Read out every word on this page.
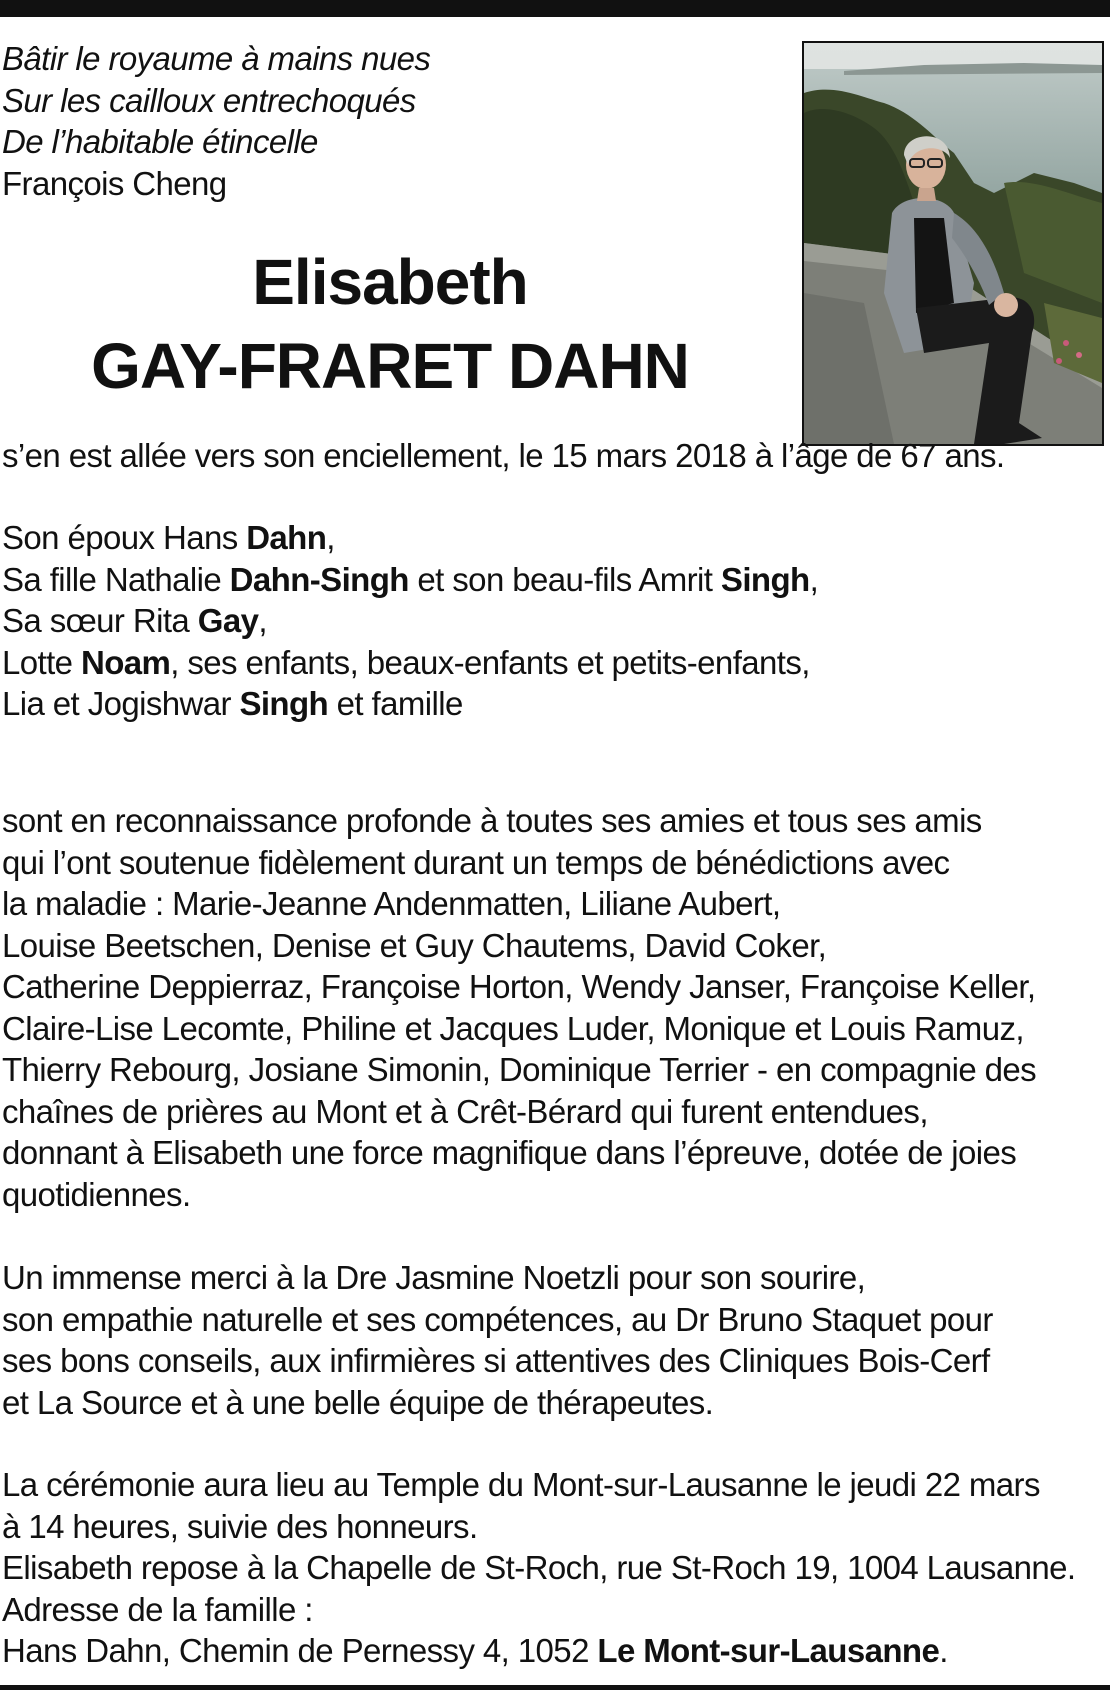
Bâtir le royaume à mains nues
Sur les cailloux entrechoqués
De l’habitable étincelle
François Cheng
Elisabeth
GAY-FRARET DAHN
s’en est allée vers son enciellement, le 15 mars 2018 à l’âge de 67 ans.
Son époux Hans Dahn,
Sa fille Nathalie Dahn-Singh et son beau-fils Amrit Singh,
Sa sœur Rita Gay,
Lotte Noam, ses enfants, beaux-enfants et petits-enfants,
Lia et Jogishwar Singh et famille
sont en reconnaissance profonde à toutes ses amies et tous ses amis
qui l’ont soutenue fidèlement durant un temps de bénédictions avec
la maladie : Marie-Jeanne Andenmatten, Liliane Aubert,
Louise Beetschen, Denise et Guy Chautems, David Coker,
Catherine Deppierraz, Françoise Horton, Wendy Janser, Françoise Keller,
Claire-Lise Lecomte, Philine et Jacques Luder, Monique et Louis Ramuz,
Thierry Rebourg, Josiane Simonin, Dominique Terrier - en compagnie des
chaînes de prières au Mont et à Crêt-Bérard qui furent entendues,
donnant à Elisabeth une force magnifique dans l’épreuve, dotée de joies
quotidiennes.
Un immense merci à la Dre Jasmine Noetzli pour son sourire,
son empathie naturelle et ses compétences, au Dr Bruno Staquet pour
ses bons conseils, aux infirmières si attentives des Cliniques Bois-Cerf
et La Source et à une belle équipe de thérapeutes.
La cérémonie aura lieu au Temple du Mont-sur-Lausanne le jeudi 22 mars
à 14 heures, suivie des honneurs.
Elisabeth repose à la Chapelle de St-Roch, rue St-Roch 19, 1004 Lausanne.
Adresse de la famille :
Hans Dahn, Chemin de Pernessy 4, 1052 Le Mont-sur-Lausanne.
